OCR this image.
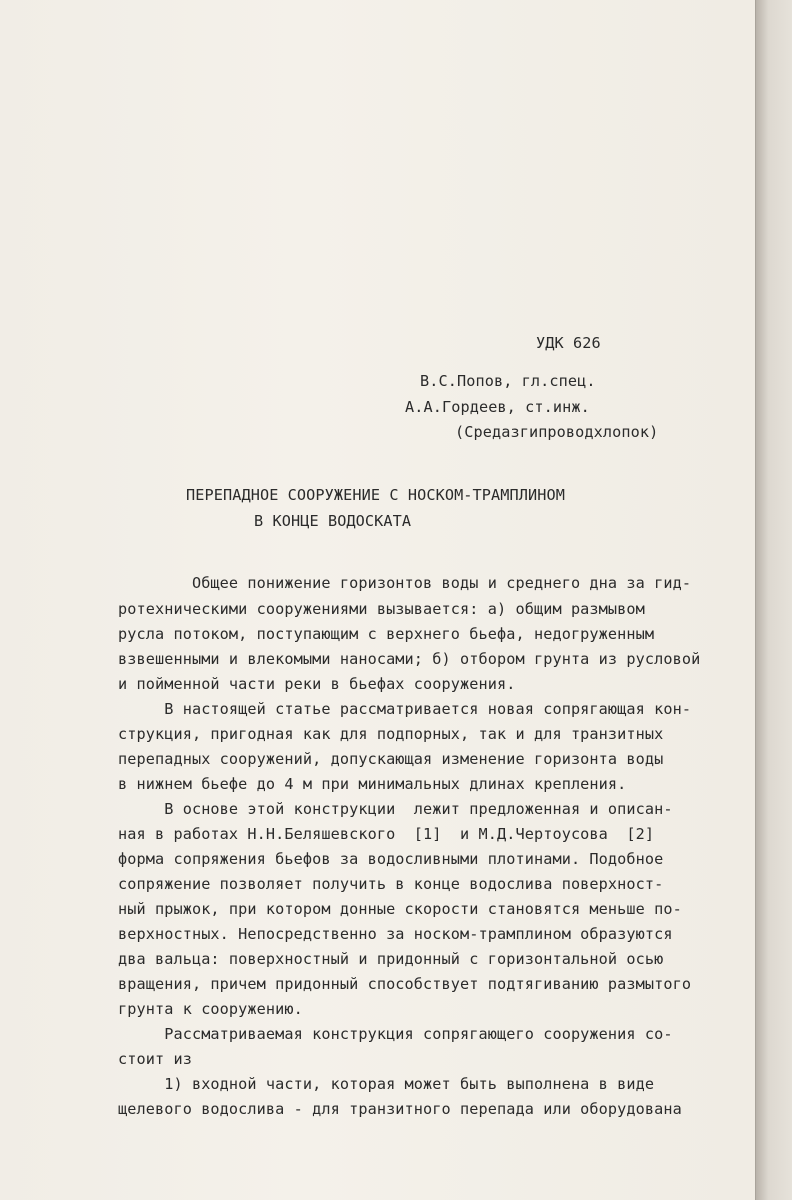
УДК 626
В.С.Попов, гл.спец.
А.А.Гордеев, ст.инж.
(Средазгипроводхлопок)
ПЕРЕПАДНОЕ СООРУЖЕНИЕ С НОСКОМ-ТРАМПЛИНОМ
В КОНЦЕ ВОДОСКАТА
Общее понижение горизонтов воды и среднего дна за гид-
ротехническими сооружениями вызывается: а) общим размывом
русла потоком, поступающим с верхнего бьефа, недогруженным
взвешенными и влекомыми наносами; б) отбором грунта из русловой
и пойменной части реки в бьефах сооружения.
В настоящей статье рассматривается новая сопрягающая кон-
струкция, пригодная как для подпорных, так и для транзитных
перепадных сооружений, допускающая изменение горизонта воды
в нижнем бьефе до 4 м при минимальных длинах крепления.
В основе этой конструкции  лежит предложенная и описан-
ная в работах Н.Н.Беляшевского  [1]  и М.Д.Чертоусова  [2]
форма сопряжения бьефов за водосливными плотинами. Подобное
сопряжение позволяет получить в конце водослива поверхност-
ный прыжок, при котором донные скорости становятся меньше по-
верхностных. Непосредственно за носком-трамплином образуются
два вальца: поверхностный и придонный с горизонтальной осью
вращения, причем придонный способствует подтягиванию размытого
грунта к сооружению.
Рассматриваемая конструкция сопрягающего сооружения со-
стоит из
1) входной части, которая может быть выполнена в виде
щелевого водослива - для транзитного перепада или оборудована
